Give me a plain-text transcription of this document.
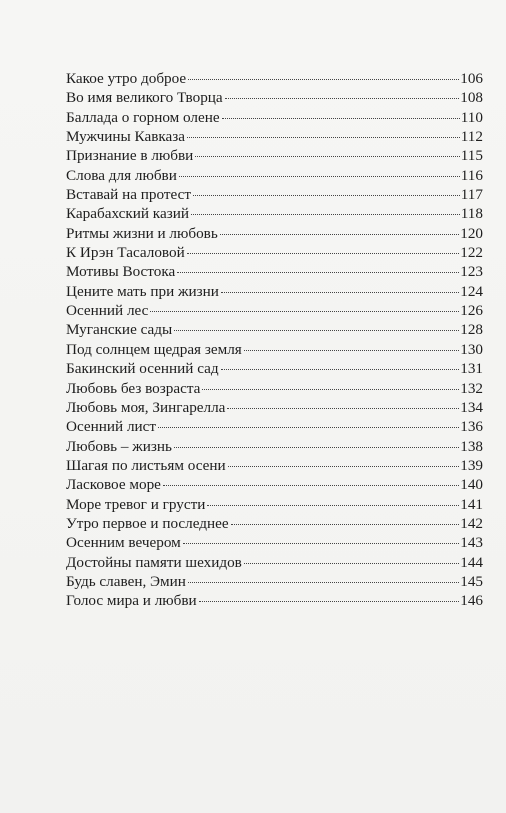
Какое утро доброе	106
Во имя великого Творца	108
Баллада о горном олене	110
Мужчины Кавказа	112
Признание в любви	115
Слова для любви	116
Вставай на протест	117
Карабахский казий	118
Ритмы жизни и любовь	120
К Ирэн Тасаловой	122
Мотивы Востока	123
Цените мать при жизни	124
Осенний лес	126
Муганские сады	128
Под солнцем щедрая земля	130
Бакинский осенний сад	131
Любовь без возраста	132
Любовь моя, Зингарелла	134
Осенний лист	136
Любовь – жизнь	138
Шагая по листьям осени	139
Ласковое море	140
Море тревог и грусти	141
Утро первое и последнее	142
Осенним вечером	143
Достойны памяти шехидов	144
Будь славен, Эмин	145
Голос мира и любви	146
